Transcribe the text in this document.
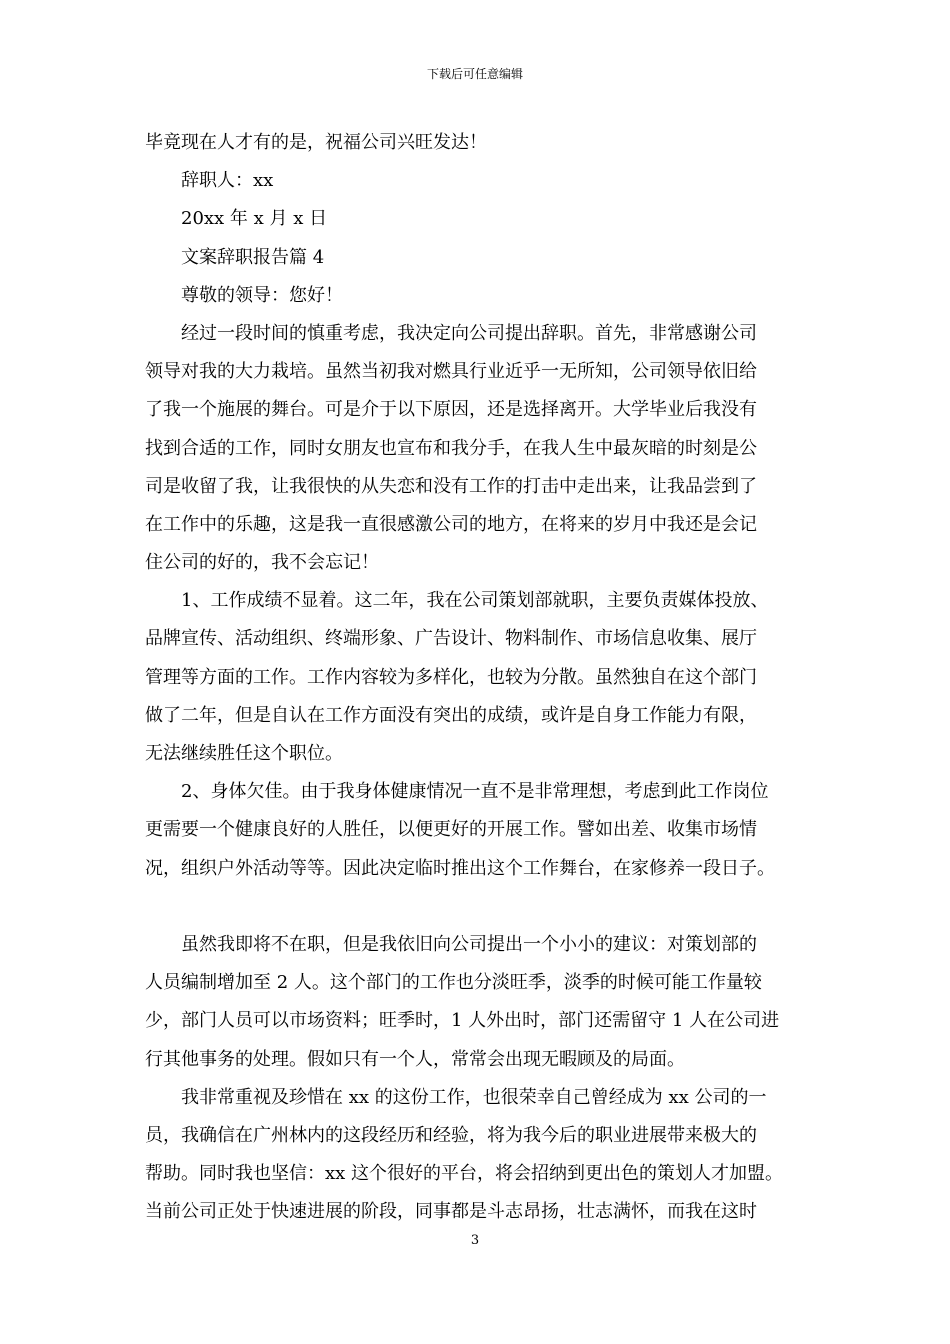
下载后可任意编辑
毕竟现在人才有的是，祝福公司兴旺发达！
　　辞职人：xx
　　20xx 年 x 月 x 日
　　文案辞职报告篇 4
　　尊敬的领导：您好！
　　经过一段时间的慎重考虑，我决定向公司提出辞职。首先，非常感谢公司
领导对我的大力栽培。虽然当初我对燃具行业近乎一无所知，公司领导依旧给
了我一个施展的舞台。可是介于以下原因，还是选择离开。大学毕业后我没有
找到合适的工作，同时女朋友也宣布和我分手，在我人生中最灰暗的时刻是公
司是收留了我，让我很快的从失恋和没有工作的打击中走出来，让我品尝到了
在工作中的乐趣，这是我一直很感激公司的地方，在将来的岁月中我还是会记
住公司的好的，我不会忘记！
　　1、工作成绩不显着。这二年，我在公司策划部就职，主要负责媒体投放、
品牌宣传、活动组织、终端形象、广告设计、物料制作、市场信息收集、展厅
管理等方面的工作。工作内容较为多样化，也较为分散。虽然独自在这个部门
做了二年，但是自认在工作方面没有突出的成绩，或许是自身工作能力有限，
无法继续胜任这个职位。
　　2、身体欠佳。由于我身体健康情况一直不是非常理想，考虑到此工作岗位
更需要一个健康良好的人胜任，以便更好的开展工作。譬如出差、收集市场情
况，组织户外活动等等。因此决定临时推出这个工作舞台，在家修养一段日子。
　　虽然我即将不在职，但是我依旧向公司提出一个小小的建议：对策划部的
人员编制增加至 2 人。这个部门的工作也分淡旺季，淡季的时候可能工作量较
少，部门人员可以市场资料；旺季时，1 人外出时，部门还需留守 1 人在公司进
行其他事务的处理。假如只有一个人，常常会出现无暇顾及的局面。
　　我非常重视及珍惜在 xx 的这份工作，也很荣幸自己曾经成为 xx 公司的一
员，我确信在广州林内的这段经历和经验，将为我今后的职业进展带来极大的
帮助。同时我也坚信：xx 这个很好的平台，将会招纳到更出色的策划人才加盟。
当前公司正处于快速进展的阶段，同事都是斗志昂扬，壮志满怀，而我在这时
3
